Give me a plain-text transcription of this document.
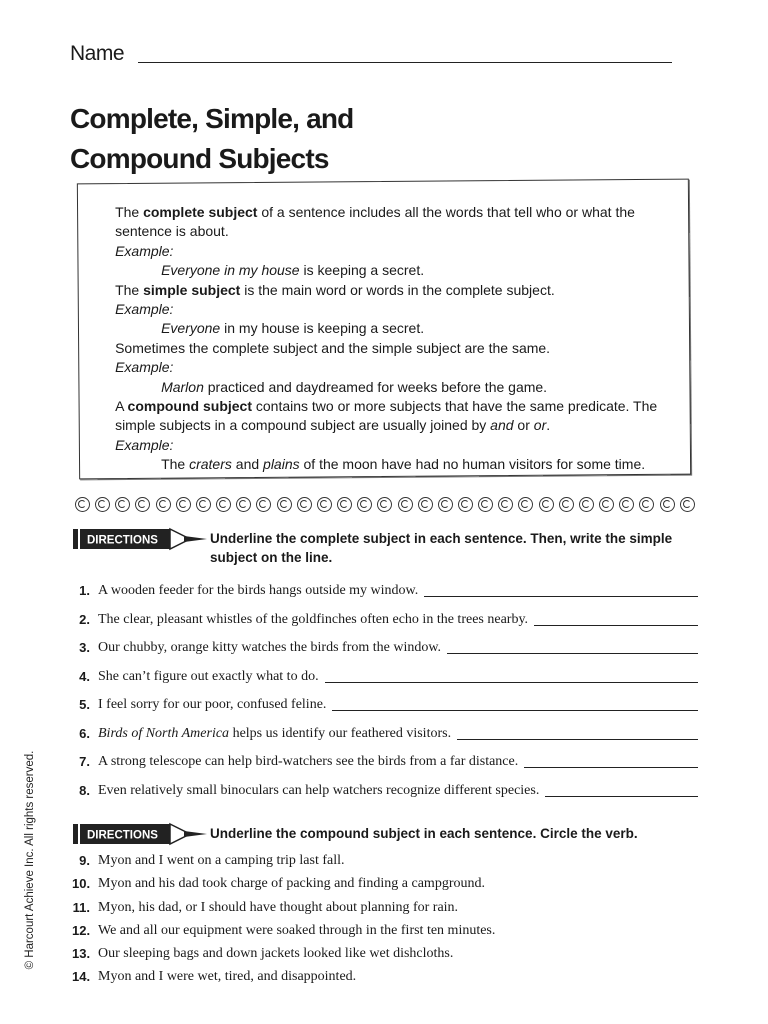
Name
Complete, Simple, and
Compound Subjects

The complete subject of a sentence includes all the words that tell who or what the

sentence is about.

Example:

Everyone in my house is keeping a secret.

The simple subject is the main word or words in the complete subject.

Example:

Everyone in my house is keeping a secret.

Sometimes the complete subject and the simple subject are the same.

Example:

Marlon practiced and daydreamed for weeks before the game.

A compound subject contains two or more subjects that have the same predicate. The

simple subjects in a compound subject are usually joined by and or or.

Example:

The craters and plains of the moon have had no human visitors for some time.

DIRECTIONS	Underline the complete subject in each sentence. Then, write the simple
subject on the line.
1. A wooden feeder for the birds hangs outside my window.
2. The clear, pleasant whistles of the goldfinches often echo in the trees nearby.
3. Our chubby, orange kitty watches the birds from the window.
4. She can’t figure out exactly what to do.
5. I feel sorry for our poor, confused feline.
6. Birds of North America helps us identify our feathered visitors.
7. A strong telescope can help bird-watchers see the birds from a far distance.
8. Even relatively small binoculars can help watchers recognize different species.
DIRECTIONS	Underline the compound subject in each sentence. Circle the verb.
9. Myon and I went on a camping trip last fall.
10. Myon and his dad took charge of packing and finding a campground.
11. Myon, his dad, or I should have thought about planning for rain.
12. We and all our equipment were soaked through in the first ten minutes.
13. Our sleeping bags and down jackets looked like wet dishcloths.
14. Myon and I were wet, tired, and disappointed.
© Harcourt Achieve Inc. All rights reserved.
